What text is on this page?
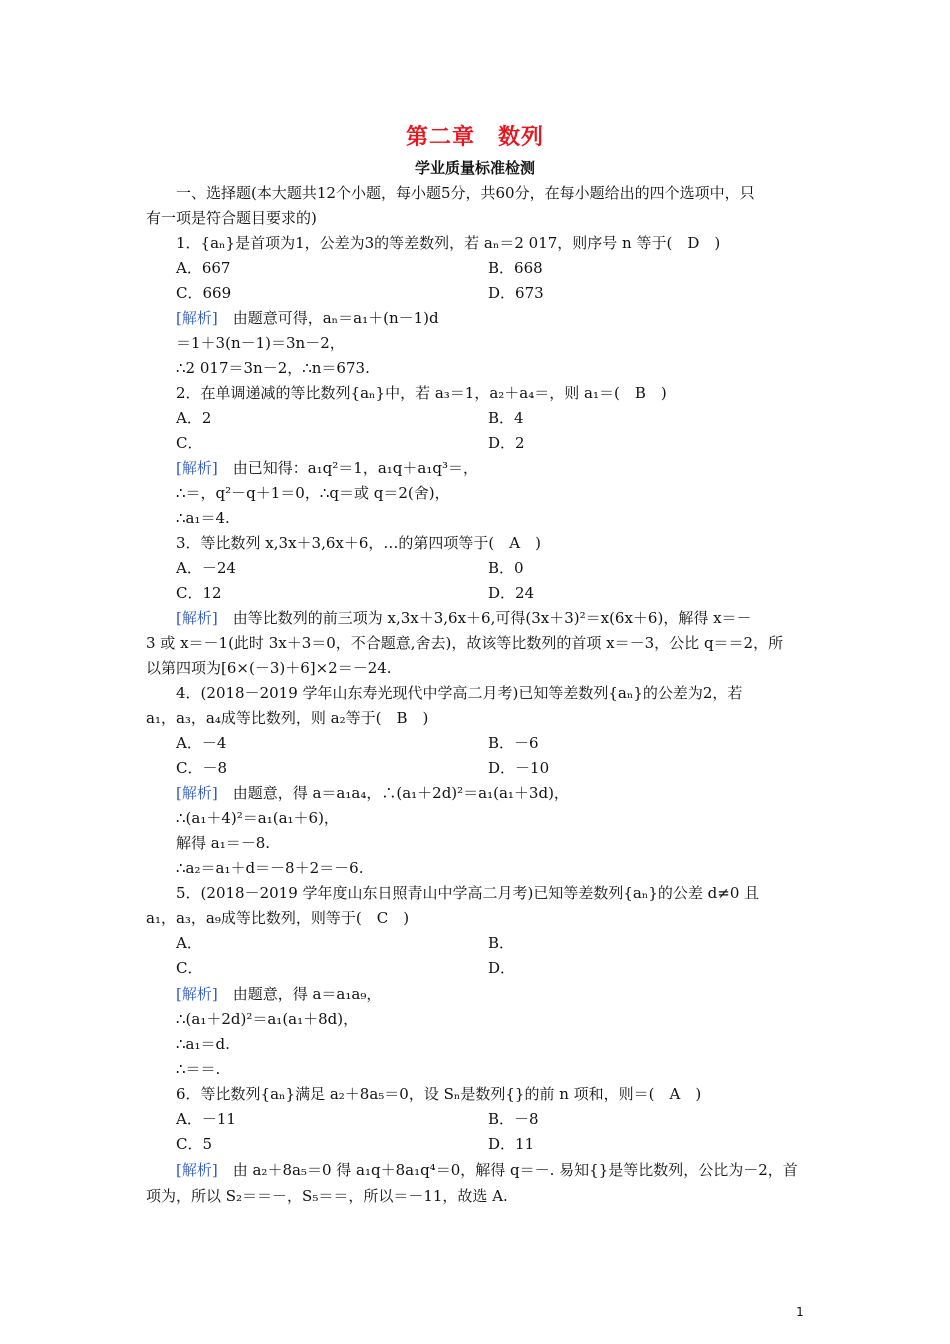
第二章　数列
学业质量标准检测
一、选择题(本大题共12个小题，每小题5分，共60分，在每小题给出的四个选项中，只
有一项是符合题目要求的)
1．{aₙ}是首项为1，公差为3的等差数列，若 aₙ＝2 017，则序号 n 等于(　D　)
A．667	B．668
C．669	D．673
[解析]　由题意可得，aₙ＝a₁＋(n－1)d
＝1＋3(n－1)＝3n－2，
∴2 017＝3n－2，∴n＝673.
2．在单调递减的等比数列{aₙ}中，若 a₃＝1，a₂＋a₄＝，则 a₁＝(　B　)
A．2	B．4
C．	D．2
[解析]　由已知得：a₁q²＝1，a₁q＋a₁q³＝，
∴＝，q²－q＋1＝0，∴q＝或 q＝2(舍)，
∴a₁＝4.
3．等比数列 x,3x＋3,6x＋6，…的第四项等于(　A　)
A．－24	B．0
C．12	D．24
[解析]　由等比数列的前三项为 x,3x＋3,6x＋6,可得(3x＋3)²＝x(6x＋6)，解得 x＝－
3 或 x＝－1(此时 3x＋3＝0，不合题意,舍去)，故该等比数列的首项 x＝－3，公比 q＝＝2，所
以第四项为[6×(－3)＋6]×2＝－24.
4．(2018－2019 学年山东寿光现代中学高二月考)已知等差数列{aₙ}的公差为2，若
a₁，a₃，a₄成等比数列，则 a₂等于(　B　)
A．－4	B．－6
C．－8	D．－10
[解析]　由题意，得 a＝a₁a₄，∴(a₁＋2d)²＝a₁(a₁＋3d)，
∴(a₁＋4)²＝a₁(a₁＋6)，
解得 a₁＝－8.
∴a₂＝a₁＋d＝－8＋2＝－6.
5．(2018－2019 学年度山东日照青山中学高二月考)已知等差数列{aₙ}的公差 d≠0 且
a₁，a₃，a₉成等比数列，则等于(　C　)
A．	B．
C．	D．
[解析]　由题意，得 a＝a₁a₉，
∴(a₁＋2d)²＝a₁(a₁＋8d)，
∴a₁＝d.
∴＝＝.
6．等比数列{aₙ}满足 a₂＋8a₅＝0，设 Sₙ是数列{}的前 n 项和，则＝(　A　)
A．－11	B．－8
C．5	D．11
[解析]　由 a₂＋8a₅＝0 得 a₁q＋8a₁q⁴＝0，解得 q＝－. 易知{}是等比数列，公比为－2，首
项为，所以 S₂＝＝－，S₅＝＝，所以＝－11，故选 A.
1
